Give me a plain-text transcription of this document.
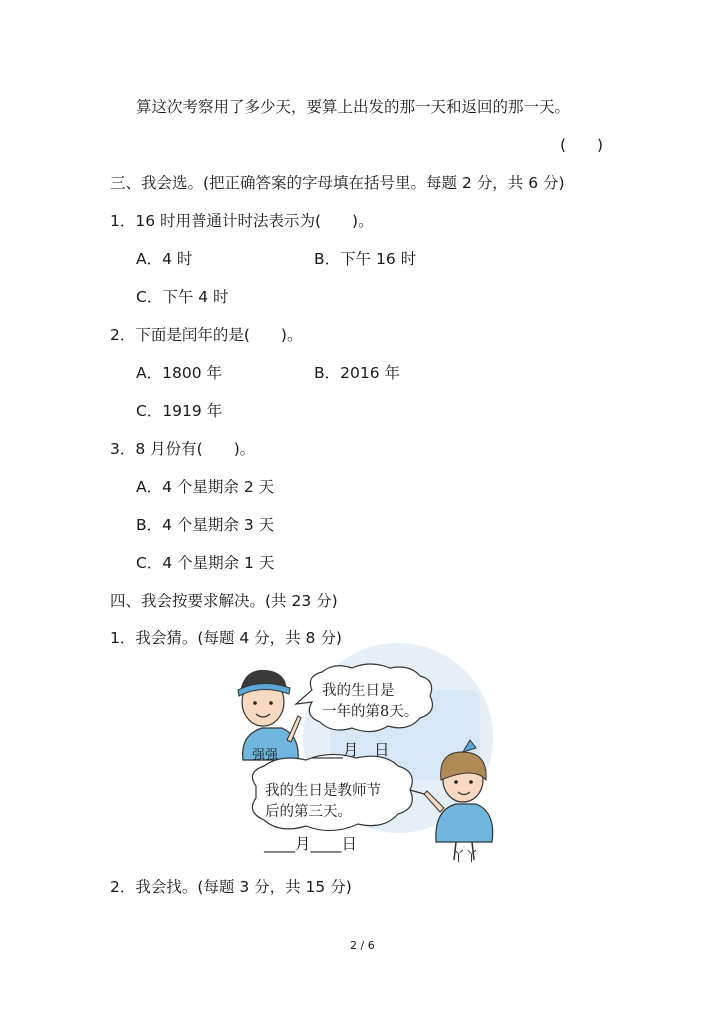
算这次考察用了多少天，要算上出发的那一天和返回的那一天。
(　　)
三、我会选。(把正确答案的字母填在括号里。每题 2 分，共 6 分)
1．16 时用普通计时法表示为(　　)。
A．4 时	B．下午 16 时
C．下午 4 时
2．下面是闰年的是(　　)。
A．1800 年	B．2016 年
C．1919 年
3．8 月份有(　　)。
A．4 个星期余 2 天
B．4 个星期余 3 天
C．4 个星期余 1 天
四、我会按要求解决。(共 23 分)
1．我会猜。(每题 4 分，共 8 分)
我的生日是
一年的第8天。
强强 ____月　日
我的生日是教师节
后的第三天。
____月____日
丫丫
2．我会找。(每题 3 分，共 15 分)
2 / 6
